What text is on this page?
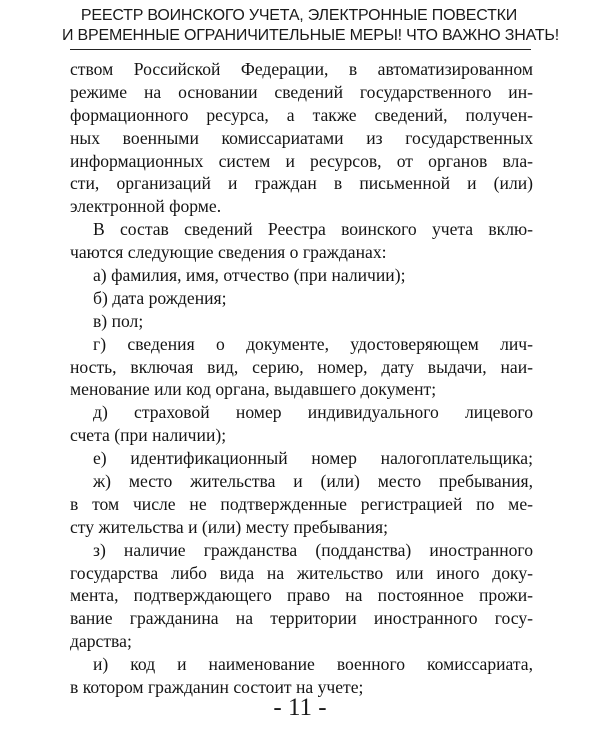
РЕЕСТР ВОИНСКОГО УЧЕТА, ЭЛЕКТРОННЫЕ ПОВЕСТКИ
И ВРЕМЕННЫЕ ОГРАНИЧИТЕЛЬНЫЕ МЕРЫ! ЧТО ВАЖНО ЗНАТЬ!
ством Российской Федерации, в автоматизированном
режиме на основании сведений государственного ин-
формационного ресурса, а также сведений, получен-
ных военными комиссариатами из государственных
информационных систем и ресурсов, от органов вла-
сти, организаций и граждан в письменной и (или)
электронной форме.
В состав сведений Реестра воинского учета вклю-
чаются следующие сведения о гражданах:
а) фамилия, имя, отчество (при наличии);
б) дата рождения;
в) пол;
г) сведения о документе, удостоверяющем лич-
ность, включая вид, серию, номер, дату выдачи, наи-
менование или код органа, выдавшего документ;
д) страховой номер индивидуального лицевого
счета (при наличии);
е) идентификационный номер налогоплательщика;
ж) место жительства и (или) место пребывания,
в том числе не подтвержденные регистрацией по ме-
сту жительства и (или) месту пребывания;
з) наличие гражданства (подданства) иностранного
государства либо вида на жительство или иного доку-
мента, подтверждающего право на постоянное прожи-
вание гражданина на территории иностранного госу-
дарства;
и) код и наименование военного комиссариата,
в котором гражданин состоит на учете;
- 11 -
